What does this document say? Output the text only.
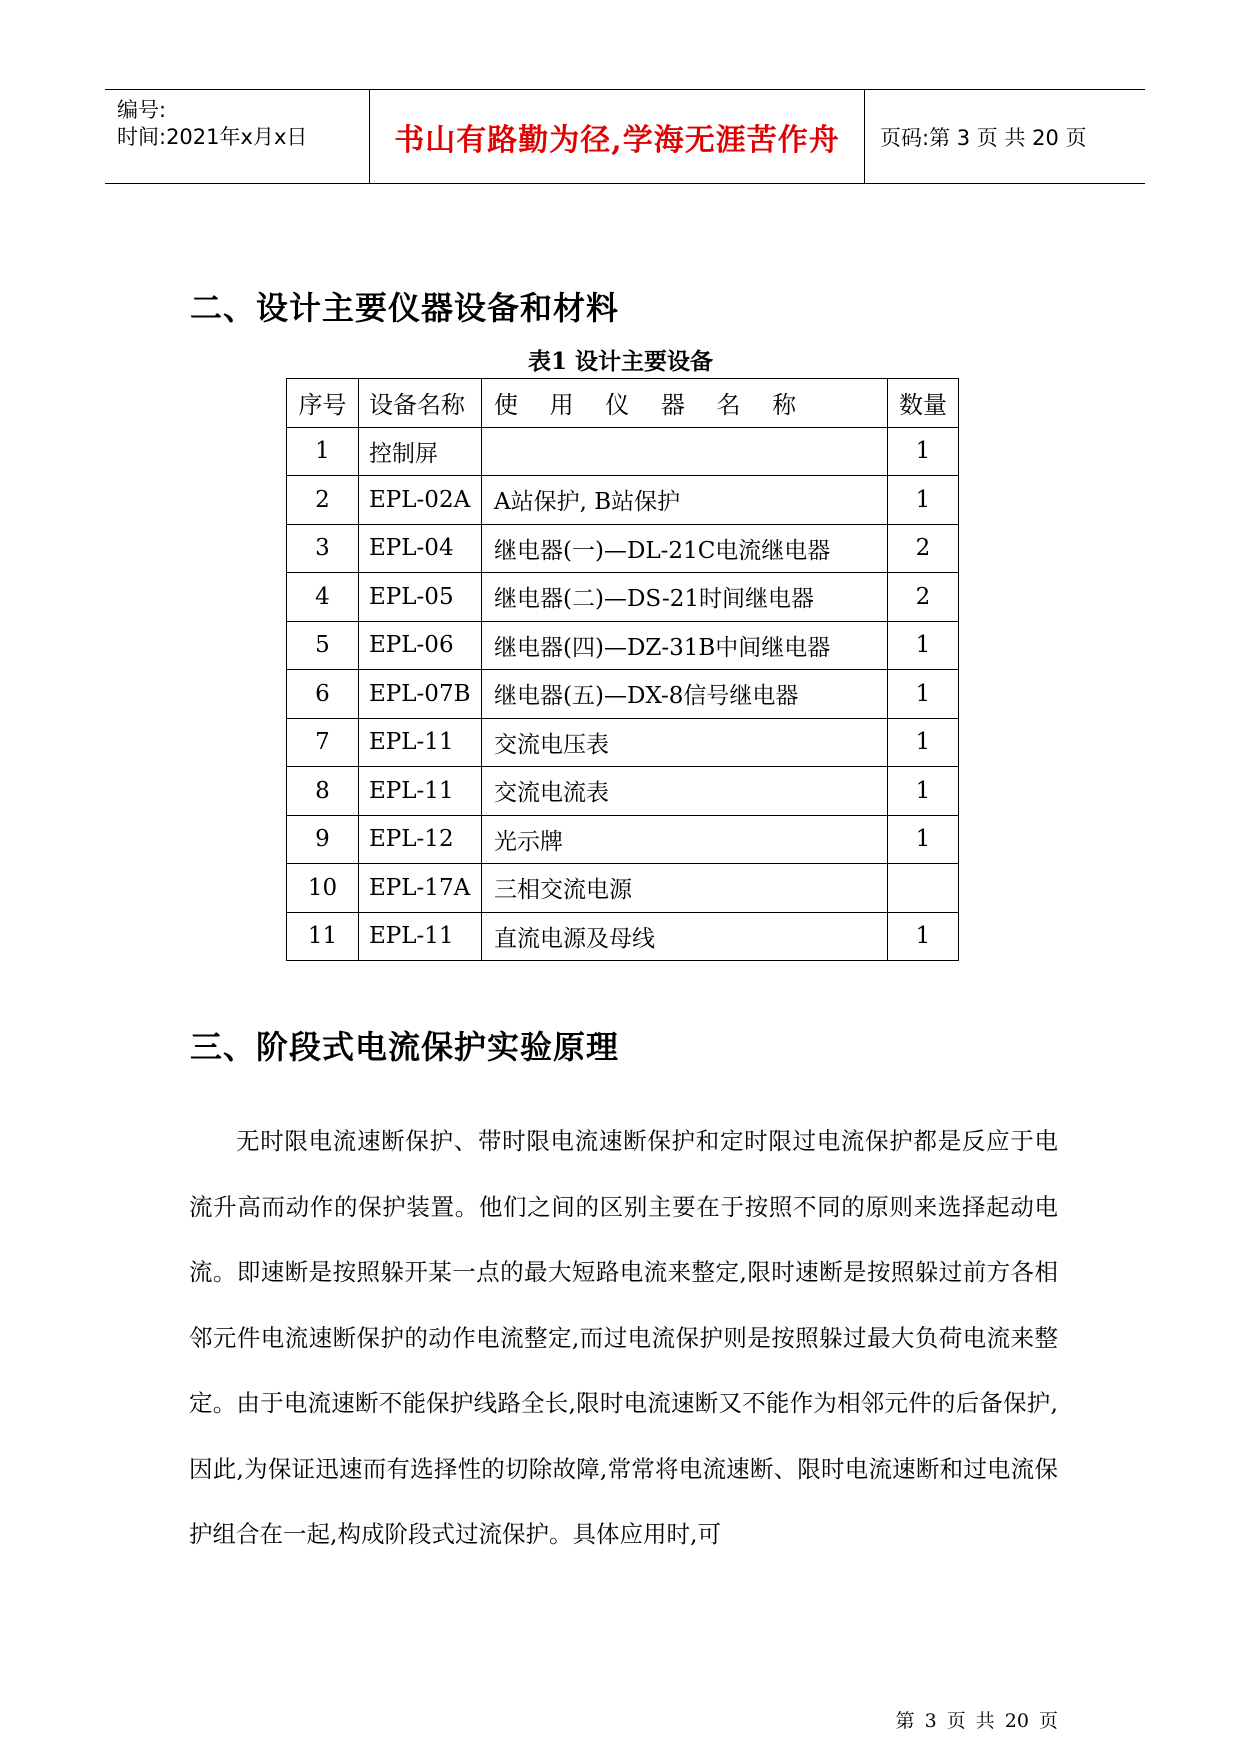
编号:
时间:2021年x月x日	书山有路勤为径,学海无涯苦作舟 页码:第 3 页 共 20 页
二、设计主要仪器设备和材料
表1 设计主要设备
序号	设备名称	使 用 仪 器 名 称	数量
1	控制屏		1
2	EPL-02A	A站保护, B站保护	1
3	EPL-04	继电器(一)—DL-21C电流继电器	2
4	EPL-05	继电器(二)—DS-21时间继电器	2
5	EPL-06	继电器(四)—DZ-31B中间继电器	1
6	EPL-07B	继电器(五)—DX-8信号继电器	1
7	EPL-11	交流电压表	1
8	EPL-11	交流电流表	1
9	EPL-12	光示牌	1
10	EPL-17A	三相交流电源	
11	EPL-11	直流电源及母线	1
三、阶段式电流保护实验原理
无时限电流速断保护、带时限电流速断保护和定时限过电流保护都是反应于电流升高而动作的保护装置。他们之间的区别主要在于按照不同的原则来选择起动电流。即速断是按照躲开某一点的最大短路电流来整定,限时速断是按照躲过前方各相邻元件电流速断保护的动作电流整定,而过电流保护则是按照躲过最大负荷电流来整定。由于电流速断不能保护线路全长,限时电流速断又不能作为相邻元件的后备保护,因此,为保证迅速而有选择性的切除故障,常常将电流速断、限时电流速断和过电流保护组合在一起,构成阶段式过流保护。具体应用时,可
第 3 页 共 20 页
